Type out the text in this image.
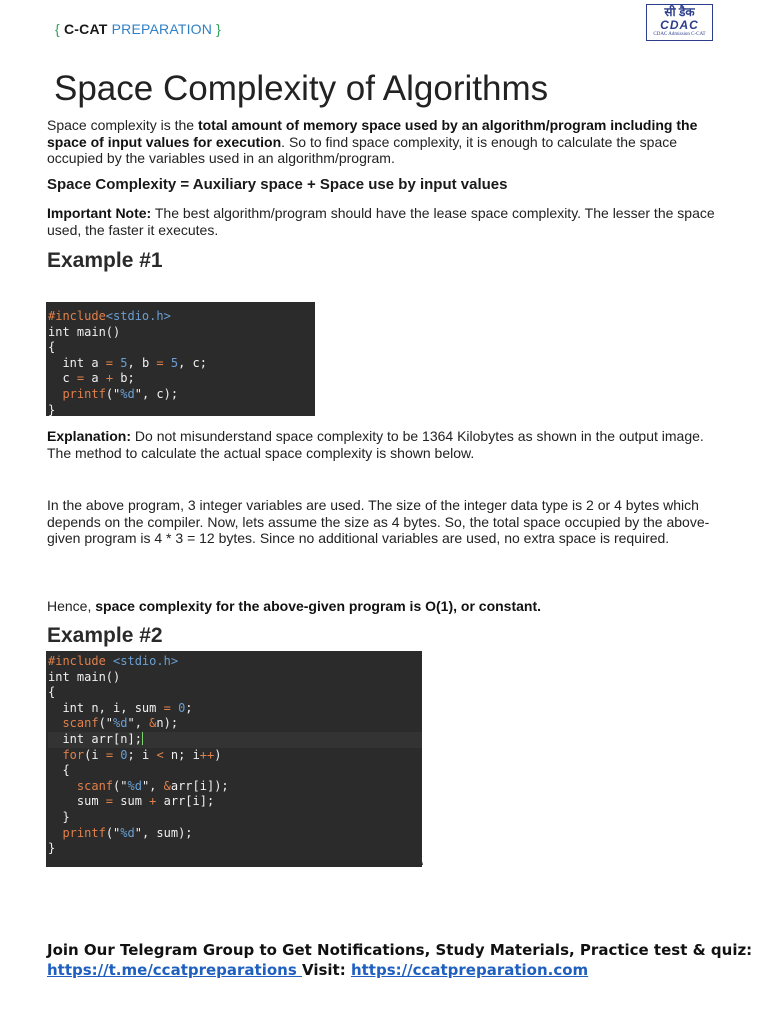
{ C-CAT PREPARATION }
सी डैक
CDAC
CDAC Admission C-CAT
Space Complexity of Algorithms

Space complexity is the total amount of memory space used by an algorithm/program including the space of input values for execution. So to find space complexity, it is enough to calculate the space occupied by the variables used in an algorithm/program.

Space Complexity = Auxiliary space + Space use by input values

Important Note: The best algorithm/program should have the lease space complexity. The lesser the space used, the faster it executes.

Example #1
#include<stdio.h>
int main()
{
int a = 5, b = 5, c;
c = a + b;
printf("%d", c);
}

Explanation: Do not misunderstand space complexity to be 1364 Kilobytes as shown in the output image. The method to calculate the actual space complexity is shown below.

In the above program, 3 integer variables are used. The size of the integer data type is 2 or 4 bytes which depends on the compiler. Now, lets assume the size as 4 bytes. So, the total space occupied by the above-given program is 4 * 3 = 12 bytes. Since no additional variables are used, no extra space is required.

Hence, space complexity for the above-given program is O(1), or constant.

Example #2
#include <stdio.h>
int main()
{
int n, i, sum = 0;
scanf("%d", &n);
int arr[n];
for(i = 0; i < n; i++)
{
scanf("%d", &arr[i]);
sum = sum + arr[i];
}
printf("%d", sum);
}
\
Join Our Telegram Group to Get Notifications, Study Materials, Practice test & quiz:
https://t.me/ccatpreparations Visit: https://ccatpreparation.com
